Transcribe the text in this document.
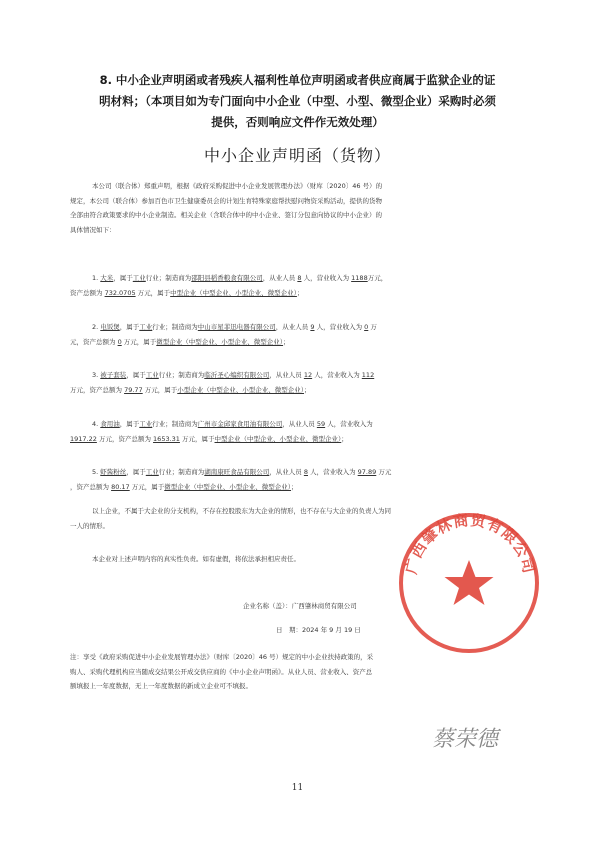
8. 中小企业声明函或者残疾人福利性单位声明函或者供应商属于监狱企业的证
明材料；（本项目如为专门面向中小企业（中型、小型、微型企业）采购时必须
提供，否则响应文件作无效处理）
中小企业声明函（货物）
本公司（联合体）郑重声明，根据《政府采购促进中小企业发展管理办法》（财库〔2020〕46 号）的
规定，本公司（联合体）参加百色市卫生健康委员会的计划生育特殊家庭帮扶慰问物资采购活动，提供的货物
全部由符合政策要求的中小企业制造。相关企业（含联合体中的中小企业、签订分包意向协议的中小企业）的
具体情况如下：
1. 大米，属于工业行业；制造商为邵阳县稻香粮食有限公司，从业人员 8 人，营业收入为 1188万元，
资产总额为 732.0705 万元，属于中型企业（中型企业、小型企业、微型企业）；
2. 电饭煲，属于工业行业；制造商为中山市星菲迅电器有限公司，从业人员 9 人，营业收入为 0 万
元，资产总额为 0 万元，属于微型企业（中型企业、小型企业、微型企业）；
3. 被子套装，属于工业行业；制造商为临沂圣心编织有限公司，从业人员 12 人，营业收入为 112
万元，资产总额为 79.77 万元，属于小型企业（中型企业、小型企业、微型企业）；
4. 食用油，属于工业行业；制造商为广州市金邱家食用油有限公司，从业人员 59 人，营业收入为
1917.22 万元，资产总额为 1653.31 万元，属于中型企业（中型企业、小型企业、微型企业）；
5. 虾酱粉丝，属于工业行业；制造商为湖南康旺食品有限公司，从业人员 8 人，营业收入为 97.89 万元
，资产总额为 80.17 万元，属于微型企业（中型企业、小型企业、微型企业）；
以上企业，不属于大企业的分支机构，不存在控股股东为大企业的情形，也不存在与大企业的负责人为同
一人的情形。
本企业对上述声明内容的真实性负责。如有虚假，将依法承担相应责任。
企业名称（盖）：广西肇林商贸有限公司
日　期：2024 年 9 月 19 日
注：享受《政府采购促进中小企业发展管理办法》（财库〔2020〕46 号）规定的中小企业扶持政策的，采
购人、采购代理机构应当随成交结果公开成交供应商的《中小企业声明函》。从业人员、营业收入、资产总
额填报上一年度数据，无上一年度数据的新成立企业可不填报。
广西肇林商贸有限公司
蔡荣德
11
